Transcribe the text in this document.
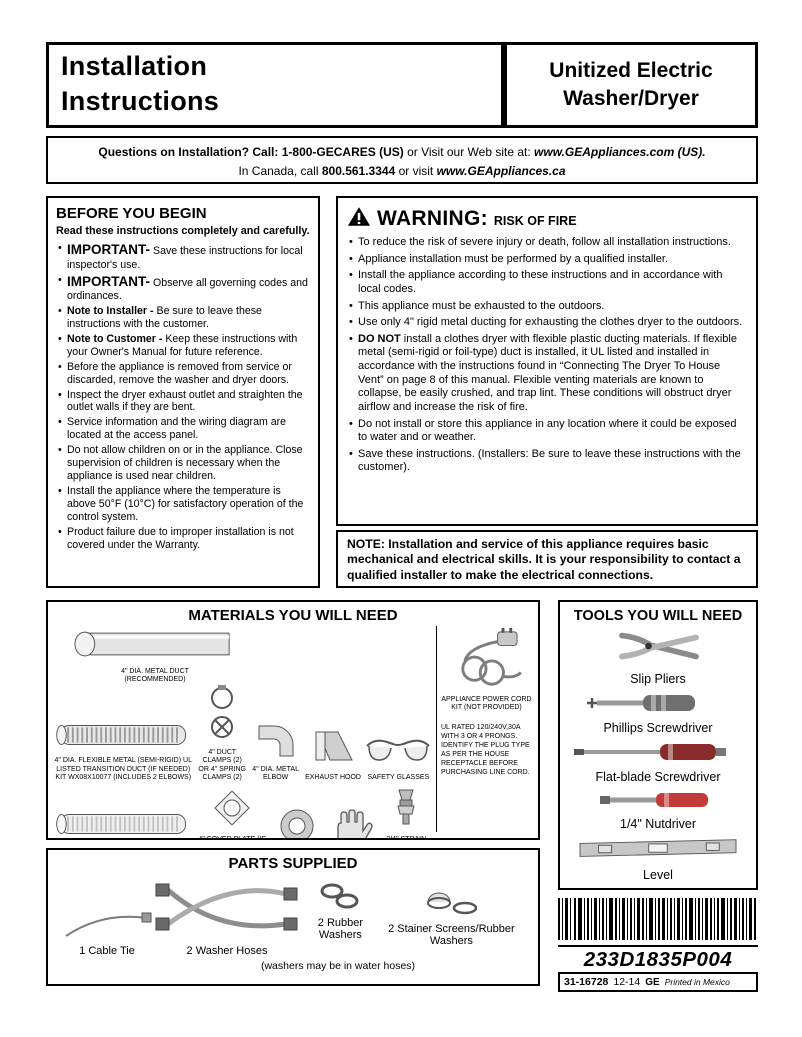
Installation
Instructions
Unitized Electric
Washer/Dryer
Questions on Installation? Call: 1-800-GECARES (US) or Visit our Web site at: www.GEAppliances.com (US).
In Canada, call 800.561.3344 or visit www.GEAppliances.ca
BEFORE YOU BEGIN
Read these instructions completely and carefully.
• IMPORTANT- Save these instructions for local inspector's use.
• IMPORTANT- Observe all governing codes and ordinances.
• Note to Installer - Be sure to leave these instructions with the customer.
• Note to Customer - Keep these instructions with your Owner's Manual for future reference.
• Before the appliance is removed from service or discarded, remove the washer and dryer doors.
• Inspect the dryer exhaust outlet and straighten the outlet walls if they are bent.
• Service information and the wiring diagram are located at the access panel.
• Do not allow children on or in the appliance. Close supervision of children is necessary when the appliance is used near children.
• Install the appliance where the temperature is above 50°F (10°C) for satisfactory operation of the control system.
• Product failure due to improper installation is not covered under the Warranty.
WARNING: RISK OF FIRE
• To reduce the risk of severe injury or death, follow all installation instructions.
• Appliance installation must be performed by a qualified installer.
• Install the appliance according to these instructions and in accordance with local codes.
• This appliance must be exhausted to the outdoors.
• Use only 4" rigid metal ducting for exhausting the clothes dryer to the outdoors.
• DO NOT install a clothes dryer with flexible plastic ducting materials. If flexible metal (semi-rigid or foil-type) duct is installed, it UL listed and installed in accordance with the instructions found in “Connecting The Dryer To House Vent” on page 8 of this manual. Flexible venting materials are known to collapse, be easily crushed, and trap lint. These conditions will obstruct dryer airflow and increase the risk of fire.
• Do not install or store this appliance in any location where it could be exposed to water and or weather.
• Save these instructions. (Installers: Be sure to leave these instructions with the customer).
NOTE: Installation and service of this appliance requires basic mechanical and electrical skills. It is your responsibility to contact a qualified installer to make the electrical connections.
MATERIALS YOU WILL NEED
4" DIA. METAL DUCT (RECOMMENDED)
4" DIA. FLEXIBLE METAL (SEMI-RIGID) UL LISTED TRANSITION DUCT (IF NEEDED) KIT WX08X10077 (INCLUDES 2 ELBOWS)
4" DUCT CLAMPS (2) OR 4" SPRING CLAMPS (2)
4" DIA. METAL ELBOW	EXHAUST HOOD SAFETY GLASSES
4" COVER PLATE (IF	3/4" STRAIN
APPLIANCE POWER CORD KIT (NOT PROVIDED)
UL RATED 120/240V,30A WITH 3 OR 4 PRONGS. IDENTIFY THE PLUG TYPE AS PER THE HOUSE RECEPTACLE BEFORE PURCHASING LINE CORD.
TOOLS YOU WILL NEED
Slip Pliers
Phillips Screwdriver
Flat-blade Screwdriver
1/4" Nutdriver
Level
PARTS SUPPLIED
1 Cable Tie	2 Washer Hoses
2 Rubber Washers	2 Stainer Screens/Rubber Washers
(washers may be in water hoses)	233D1835P004
31-16728 12-14 GE Printed in Mexico
